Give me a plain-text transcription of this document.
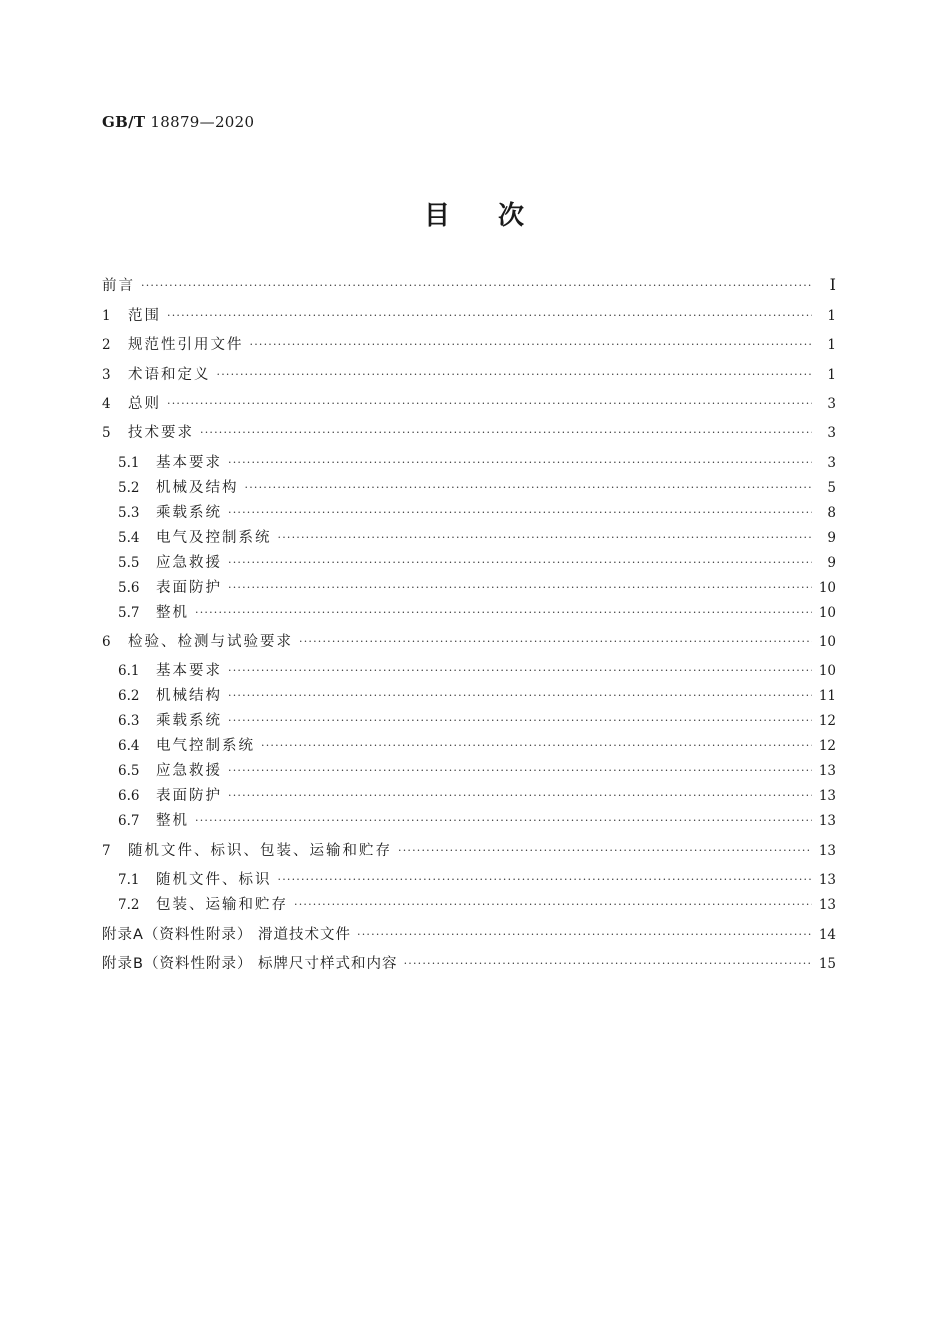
GB/T 18879—2020
目 次
前言 ·····	I
1	范围 ·····	1
2	规范性引用文件 ·····	1
3	术语和定义 ·····	1
4	总则 ·····	3
5	技术要求 ·····	3
5.1	基本要求 ·····	3
5.2	机械及结构 ·····	5
5.3	乘载系统 ·····	8
5.4	电气及控制系统 ·····	9
5.5	应急救援 ·····	9
5.6	表面防护 ·····	10
5.7	整机 ·····	10
6	检验、检测与试验要求 ·····	10
6.1	基本要求 ·····	10
6.2	机械结构 ·····	11
6.3	乘载系统 ·····	12
6.4	电气控制系统 ·····	12
6.5	应急救援 ·····	13
6.6	表面防护 ·····	13
6.7	整机 ·····	13
7	随机文件、标识、包装、运输和贮存 ·····	13
7.1	随机文件、标识 ·····	13
7.2	包装、运输和贮存 ·····	13
附录A（资料性附录） 滑道技术文件 ·····	14
附录B（资料性附录） 标牌尺寸样式和内容 ·····	15
